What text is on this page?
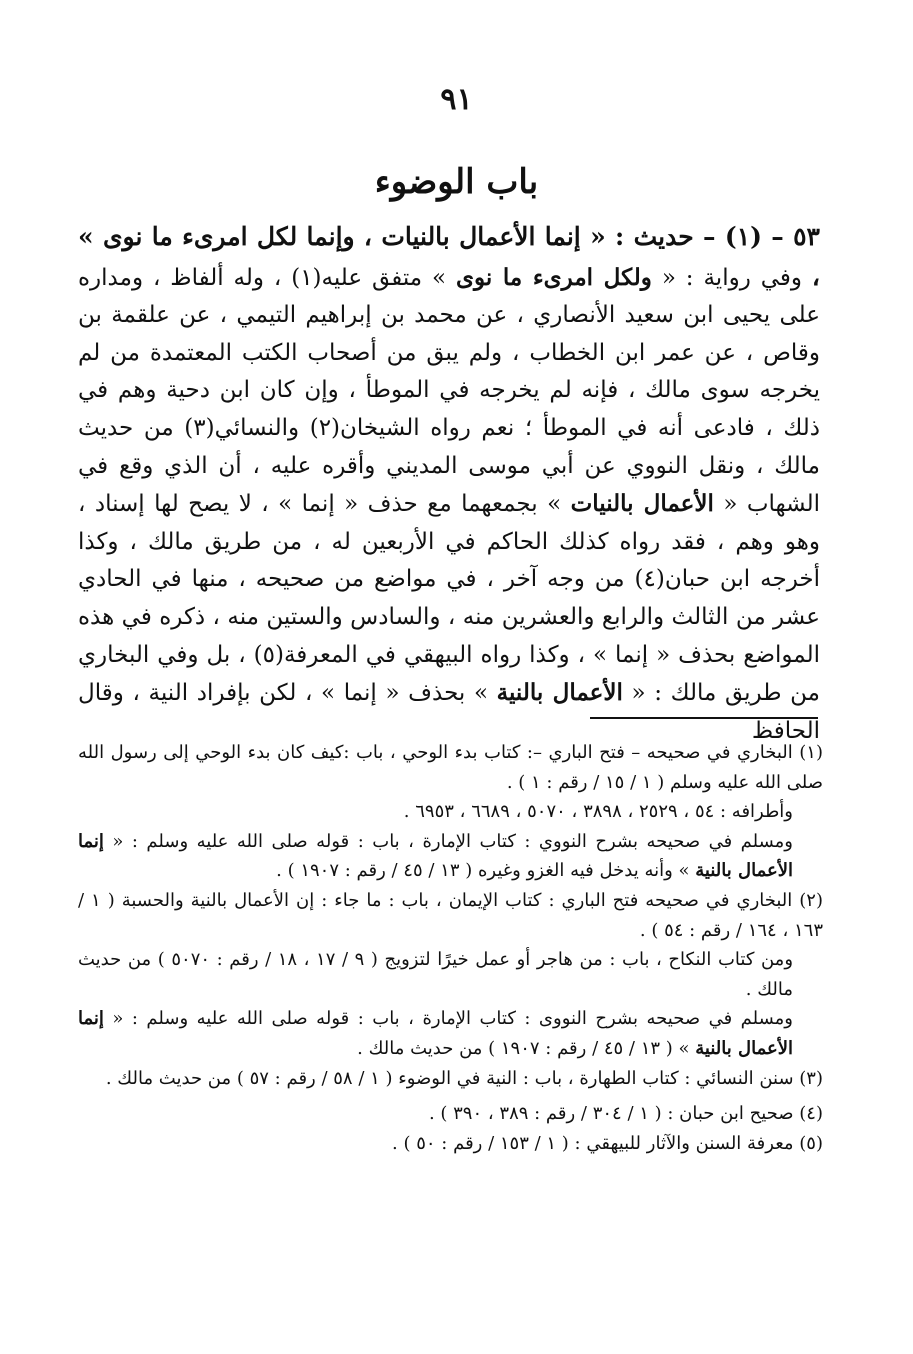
٩١
باب الوضوء
٥٣ – (١) – حديث : « إنما الأعمال بالنيات ، وإنما لكل امرىء ما نوى » ، وفي رواية : « ولكل امرىء ما نوى » متفق عليه(١) ، وله ألفاظ ، ومداره على يحيى ابن سعيد الأنصاري ، عن محمد بن إبراهيم التيمي ، عن علقمة بن وقاص ، عن عمر ابن الخطاب ، ولم يبق من أصحاب الكتب المعتمدة من لم يخرجه سوى مالك ، فإنه لم يخرجه في الموطأ ، وإن كان ابن دحية وهم في ذلك ، فادعى أنه في الموطأ ؛ نعم رواه الشيخان(٢) والنسائي(٣) من حديث مالك ، ونقل النووي عن أبي موسى المديني وأقره عليه ، أن الذي وقع في الشهاب « الأعمال بالنيات » بجمعهما مع حذف « إنما » ، لا يصح لها إسناد ، وهو وهم ، فقد رواه كذلك الحاكم في الأربعين له ، من طريق مالك ، وكذا أخرجه ابن حبان(٤) من وجه آخر ، في مواضع من صحيحه ، منها في الحادي عشر من الثالث والرابع والعشرين منه ، والسادس والستين منه ، ذكره في هذه المواضع بحذف « إنما » ، وكذا رواه البيهقي في المعرفة(٥) ، بل وفي البخاري من طريق مالك : « الأعمال بالنية » بحذف « إنما » ، لكن بإفراد النية ، وقال الحافظ

(١) البخاري في صحيحه – فتح الباري –: كتاب بدء الوحي ، باب :كيف كان بدء الوحي إلى رسول الله صلى الله عليه وسلم ( ١ / ١٥ / رقم : ١ ) .

وأطرافه : ٥٤ ، ٢٥٢٩ ، ٣٨٩٨ ، ٥٠٧٠ ، ٦٦٨٩ ، ٦٩٥٣ .

ومسلم في صحيحه بشرح النووي : كتاب الإمارة ، باب : قوله صلى الله عليه وسلم : « إنما الأعمال بالنية » وأنه يدخل فيه الغزو وغيره ( ١٣ / ٤٥ / رقم : ١٩٠٧ ) .

(٢) البخاري في صحيحه فتح الباري : كتاب الإيمان ، باب : ما جاء : إن الأعمال بالنية والحسبة ( ١ / ١٦٣ ، ١٦٤ / رقم : ٥٤ ) .

ومن كتاب النكاح ، باب : من هاجر أو عمل خيرًا لتزويج ( ٩ / ١٧ ، ١٨ / رقم : ٥٠٧٠ ) من حديث مالك .

ومسلم في صحيحه بشرح النووى : كتاب الإمارة ، باب : قوله صلى الله عليه وسلم : « إنما الأعمال بالنية » ( ١٣ / ٤٥ / رقم : ١٩٠٧ ) من حديث مالك .

(٣) سنن النسائي : كتاب الطهارة ، باب : النية في الوضوء ( ١ / ٥٨ / رقم : ٥٧ ) من حديث مالك .

(٤) صحيح ابن حبان : ( ١ / ٣٠٤ / رقم : ٣٨٩ ، ٣٩٠ ) .

(٥) معرفة السنن والآثار للبيهقي : ( ١ / ١٥٣ / رقم : ٥٠ ) .
